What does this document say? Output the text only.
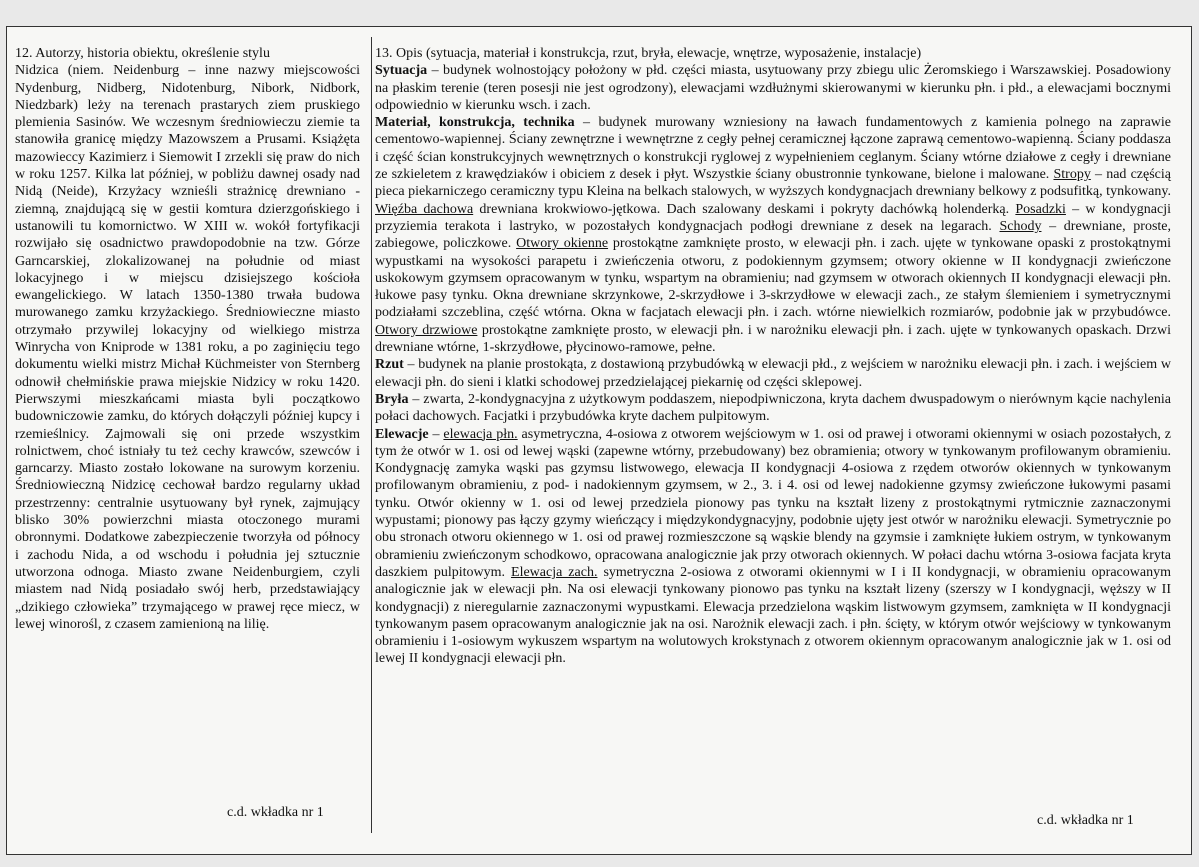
12. Autorzy, historia obiektu, określenie stylu

Nidzica (niem. Neidenburg – inne nazwy miejscowości Nydenburg, Nidberg, Nidotenburg, Nibork, Nidbork, Niedzbark) leży na terenach prastarych ziem pruskiego plemienia Sasinów. We wczesnym średniowieczu ziemie ta stanowiła granicę między Mazowszem a Prusami. Książęta mazowieccy Kazimierz i Siemowit I zrzekli się praw do nich w roku 1257. Kilka lat później, w pobliżu dawnej osady nad Nidą (Neide), Krzyżacy wznieśli strażnicę drewniano -ziemną, znajdującą się w gestii komtura dzierzgońskiego i ustanowili tu komornictwo. W XIII w. wokół fortyfikacji rozwijało się osadnictwo prawdopodobnie na tzw. Górze Garncarskiej, zlokalizowanej na południe od miast lokacyjnego i w miejscu dzisiejszego kościoła ewangelickiego. W latach 1350-1380 trwała budowa murowanego zamku krzyżackiego. Średniowieczne miasto otrzymało przywilej lokacyjny od wielkiego mistrza Winrycha von Kniprode w 1381 roku, a po zaginięciu tego dokumentu wielki mistrz Michał Küchmeister von Sternberg odnowił chełmińskie prawa miejskie Nidzicy w roku 1420. Pierwszymi mieszkańcami miasta byli początkowo budowniczowie zamku, do których dołączyli później kupcy i rzemieślnicy. Zajmowali się oni przede wszystkim rolnictwem, choć istniały tu też cechy krawców, szewców i garncarzy. Miasto zostało lokowane na surowym korzeniu. Średniowieczną Nidzicę cechował bardzo regularny układ przestrzenny: centralnie usytuowany był rynek, zajmujący blisko 30% powierzchni miasta otoczonego murami obronnymi. Dodatkowe zabezpieczenie tworzyła od północy i zachodu Nida, a od wschodu i południa jej sztucznie utworzona odnoga. Miasto zwane Neidenburgiem, czyli miastem nad Nidą posiadało swój herb, przedstawiający „dzikiego człowieka” trzymającego w prawej ręce miecz, w lewej winorośl, z czasem zamienioną na lilię.

c.d. wkładka nr 1

13. Opis (sytuacja, materiał i konstrukcja, rzut, bryła, elewacje, wnętrze, wyposażenie, instalacje)

Sytuacja – budynek wolnostojący położony w płd. części miasta, usytuowany przy zbiegu ulic Żeromskiego i Warszawskiej. Posadowiony na płaskim terenie (teren posesji nie jest ogrodzony), elewacjami wzdłużnymi skierowanymi w kierunku płn. i płd., a elewacjami bocznymi odpowiednio w kierunku wsch. i zach.

Materiał, konstrukcja, technika – budynek murowany wzniesiony na ławach fundamentowych z kamienia polnego na zaprawie cementowo-wapiennej. Ściany zewnętrzne i wewnętrzne z cegły pełnej ceramicznej łączone zaprawą cementowo-wapienną. Ściany poddasza i część ścian konstrukcyjnych wewnętrznych o konstrukcji ryglowej z wypełnieniem ceglanym. Ściany wtórne działowe z cegły i drewniane ze szkieletem z krawędziaków i obiciem z desek i płyt. Wszystkie ściany obustronnie tynkowane, bielone i malowane. Stropy – nad częścią pieca piekarniczego ceramiczny typu Kleina na belkach stalowych, w wyższych kondygnacjach drewniany belkowy z podsufitką, tynkowany. Więźba dachowa drewniana krokwiowo-jętkowa. Dach szalowany deskami i pokryty dachówką holenderką. Posadzki – w kondygnacji przyziemia terakota i lastryko, w pozostałych kondygnacjach podłogi drewniane z desek na legarach. Schody – drewniane, proste, zabiegowe, policzkowe. Otwory okienne prostokątne zamknięte prosto, w elewacji płn. i zach. ujęte w tynkowane opaski z prostokątnymi wypustkami na wysokości parapetu i zwieńczenia otworu, z podokiennym gzymsem; otwory okienne w II kondygnacji zwieńczone uskokowym gzymsem opracowanym w tynku, wspartym na obramieniu; nad gzymsem w otworach okiennych II kondygnacji elewacji płn. łukowe pasy tynku. Okna drewniane skrzynkowe, 2-skrzydłowe i 3-skrzydłowe w elewacji zach., ze stałym ślemieniem i symetrycznymi podziałami szczeblina, część wtórna. Okna w facjatach elewacji płn. i zach. wtórne niewielkich rozmiarów, podobnie jak w przybudówce. Otwory drzwiowe prostokątne zamknięte prosto, w elewacji płn. i w narożniku elewacji płn. i zach. ujęte w tynkowanych opaskach. Drzwi drewniane wtórne, 1-skrzydłowe, płycinowo-ramowe, pełne.

Rzut – budynek na planie prostokąta, z dostawioną przybudówką w elewacji płd., z wejściem w narożniku elewacji płn. i zach. i wejściem w elewacji płn. do sieni i klatki schodowej przedzielającej piekarnię od części sklepowej.

Bryła – zwarta, 2-kondygnacyjna z użytkowym poddaszem, niepodpiwniczona, kryta dachem dwuspadowym o nierównym kącie nachylenia połaci dachowych. Facjatki i przybudówka kryte dachem pulpitowym.

Elewacje – elewacja płn. asymetryczna, 4-osiowa z otworem wejściowym w 1. osi od prawej i otworami okiennymi w osiach pozostałych, z tym że otwór w 1. osi od lewej wąski (zapewne wtórny, przebudowany) bez obramienia; otwory w tynkowanym profilowanym obramieniu. Kondygnację zamyka wąski pas gzymsu listwowego, elewacja II kondygnacji 4-osiowa z rzędem otworów okiennych w tynkowanym profilowanym obramieniu, z pod- i nadokiennym gzymsem, w 2., 3. i 4. osi od lewej nadokienne gzymsy zwieńczone łukowymi pasami tynku. Otwór okienny w 1. osi od lewej przedziela pionowy pas tynku na kształt lizeny z prostokątnymi rytmicznie zaznaczonymi wypustami; pionowy pas łączy gzymy wieńczący i międzykondygnacyjny, podobnie ujęty jest otwór w narożniku elewacji. Symetrycznie po obu stronach otworu okiennego w 1. osi od prawej rozmieszczone są wąskie blendy na gzymsie i zamknięte łukiem ostrym, w tynkowanym obramieniu zwieńczonym schodkowo, opracowana analogicznie jak przy otworach okiennych. W połaci dachu wtórna 3-osiowa facjata kryta daszkiem pulpitowym. Elewacja zach. symetryczna 2-osiowa z otworami okiennymi w I i II kondygnacji, w obramieniu opracowanym analogicznie jak w elewacji płn. Na osi elewacji tynkowany pionowo pas tynku na kształt lizeny (szerszy w I kondygnacji, węższy w II kondygnacji) z nieregularnie zaznaczonymi wypustkami. Elewacja przedzielona wąskim listwowym gzymsem, zamknięta w II kondygnacji tynkowanym pasem opracowanym analogicznie jak na osi. Narożnik elewacji zach. i płn. ścięty, w którym otwór wejściowy w tynkowanym obramieniu i 1-osiowym wykuszem wspartym na wolutowych krokstynach z otworem okiennym opracowanym analogicznie jak w 1. osi od lewej II kondygnacji elewacji płn.

c.d. wkładka nr 1
